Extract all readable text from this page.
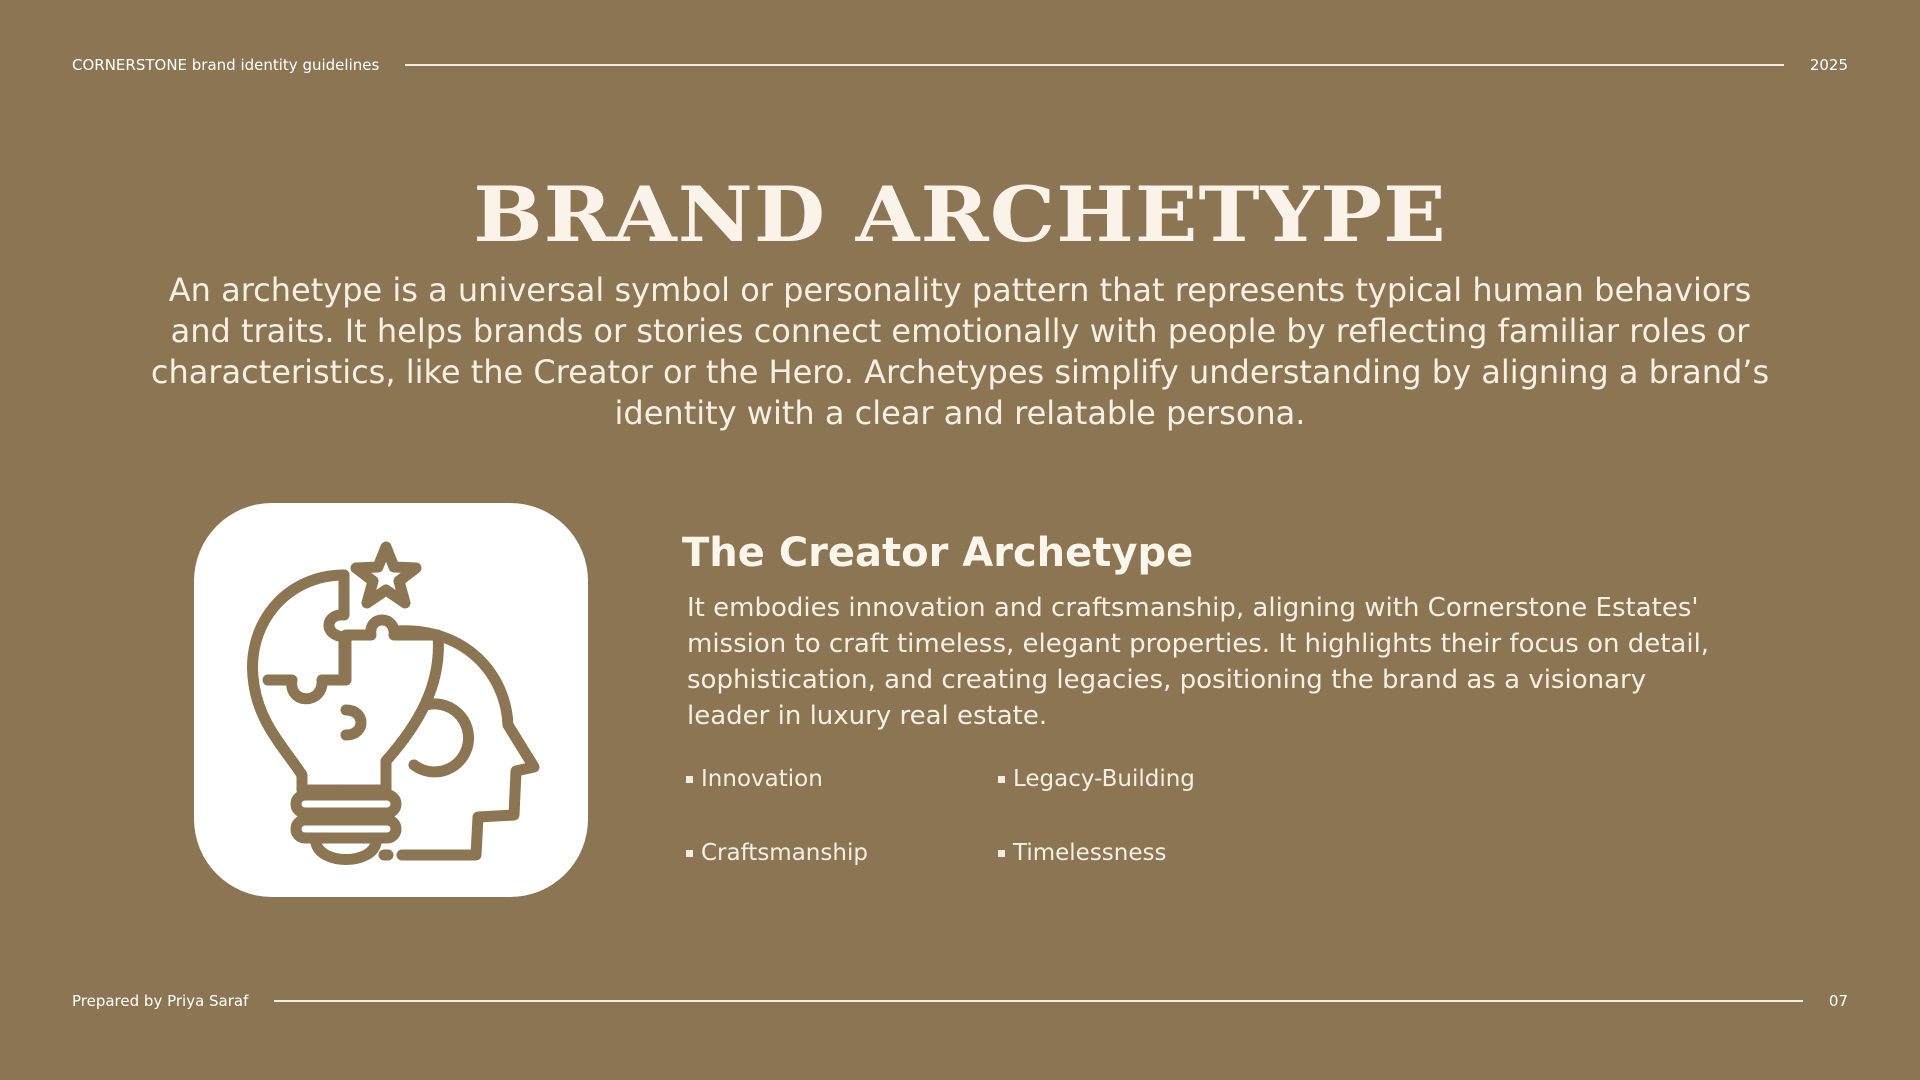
CORNERSTONE brand identity guidelines	2025
BRAND ARCHETYPE

An archetype is a universal symbol or personality pattern that represents typical human behaviors and traits. It helps brands or stories connect emotionally with people by reflecting familiar roles or characteristics, like the Creator or the Hero. Archetypes simplify understanding by aligning a brand’s identity with a clear and relatable persona.

The Creator Archetype

It embodies innovation and craftsmanship, aligning with Cornerstone Estates' mission to craft timeless, elegant properties. It highlights their focus on detail, sophistication, and creating legacies, positioning the brand as a visionary leader in luxury real estate.

Innovation	Legacy-Building
Craftsmanship	Timelessness
Prepared by Priya Saraf	07
